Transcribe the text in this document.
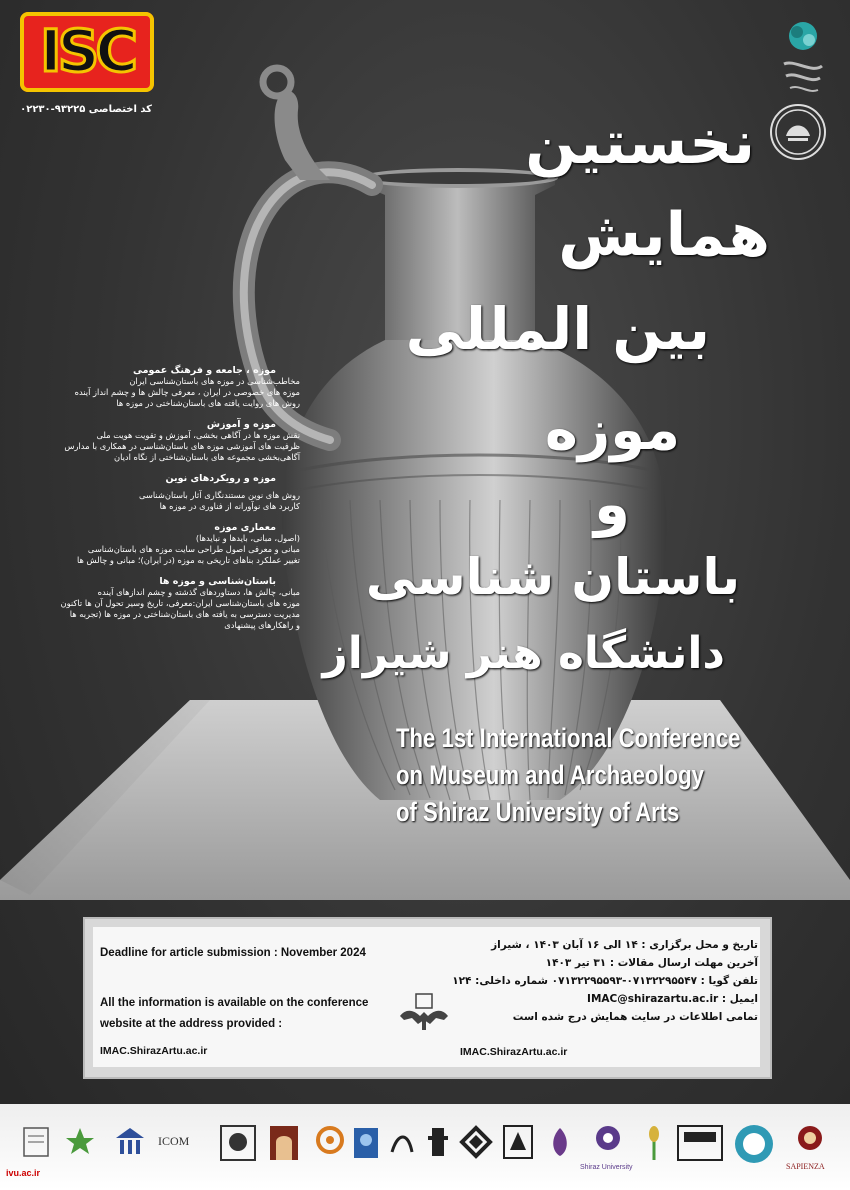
ISC
کد اختصاصی ۹۳۲۲۵-۰۲۲۳۰	نخستین
همایش
بین المللی
موزه
و
باستان شناسی
دانشگاه هنر شیراز
The 1st International Conference
on Museum and Archaeology
of Shiraz University of Arts
موزه ، جامعه و فرهنگ عمومی
مخاطب‌شناسی در موزه های باستان‌شناسی ایران
موزه های خصوصی در ایران ، معرفی چالش ها و چشم انداز آینده
روش های روایت یافته های باستان‌شناختی در موزه ها
موزه و آموزش
نقش موزه ها در آگاهی بخشی، آموزش و تقویت هویت ملی
ظرفیت های آموزشی موزه های باستان‌شناسی در همکاری با مدارس
آگاهی‌بخشی مجموعه های باستان‌شناختی از نگاه ادیان
موزه و رویکردهای نوین
روش های نوین مستندنگاری آثار باستان‌شناسی
کاربرد های نوآورانه از فناوری در موزه ها
معماری موزه
(اصول، مبانی، بایدها و نبایدها)
مبانی و معرفی اصول طراحی سایت موزه های باستان‌شناسی
تغییر عملکرد بناهای تاریخی به موزه (در ایران)؛ مبانی و چالش ها
باستان‌شناسی و موزه ها
مبانی، چالش ها، دستاوردهای گذشته و چشم اندازهای آینده
موزه های باستان‌شناسی ایران:معرفی، تاریخ وسیر تحول آن ها تاکنون
مدیریت دسترسی به یافته های باستان‌شناختی در موزه ها (تجربه ها
و راهکارهای پیشنهادی
Deadline for article submission : November 2024
All the information is available on the conference website at the address provided :
IMAC.ShirazArtu.ac.ir
تاریخ و محل برگزاری : ۱۴ الی ۱۶ آبان ۱۴۰۳ ، شیراز
آخرین مهلت ارسال مقالات : ۳۱ تیر ۱۴۰۳
تلفن گویا : ۰۷۱۳۲۲۹۵۵۴۷-۰۷۱۳۲۲۹۵۵۹۳ شماره داخلی: ۱۲۴
ایمیل : IMAC@shirazartu.ac.ir
تمامی اطلاعات در سایت همایش درج شده است
IMAC.ShirazArtu.ac.ir
ICOM
Shiraz University	SAPIENZA
ivu.ac.ir
